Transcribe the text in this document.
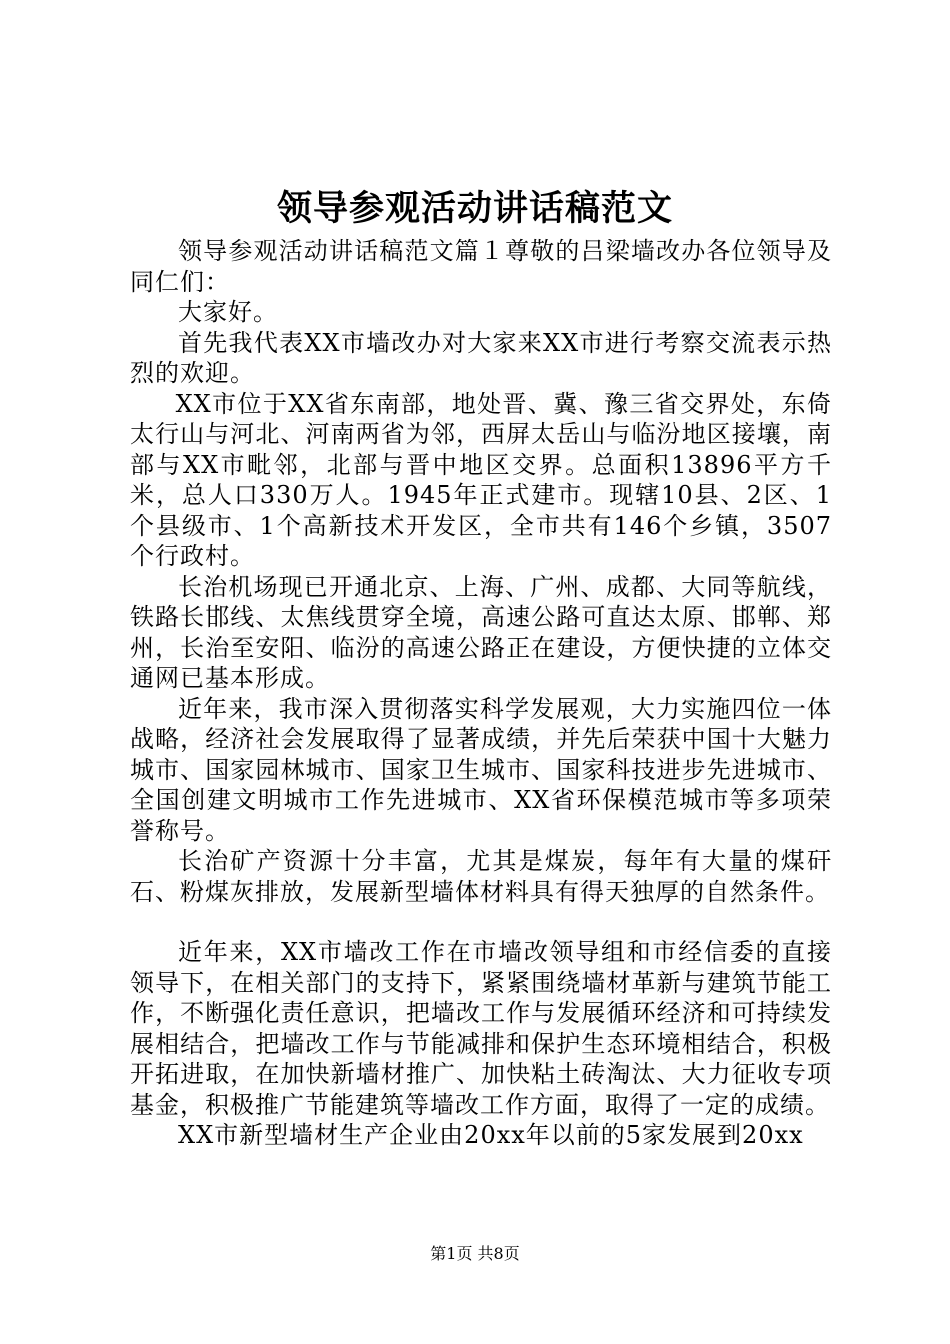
领导参观活动讲话稿范文

领导参观活动讲话稿范文篇１尊敬的吕梁墙改办各位领导及同仁们：

大家好。

首先我代表XX市墙改办对大家来XX市进行考察交流表示热烈的欢迎。

XX市位于XX省东南部，地处晋、冀、豫三省交界处，东倚太行山与河北、河南两省为邻，西屏太岳山与临汾地区接壤，南部与XX市毗邻，北部与晋中地区交界。总面积13896平方千米，总人口330万人。1945年正式建市。现辖10县、2区、1个县级市、1个高新技术开发区，全市共有146个乡镇，3507个行政村。

长治机场现已开通北京、上海、广州、成都、大同等航线，铁路长邯线、太焦线贯穿全境，高速公路可直达太原、邯郸、郑州，长治至安阳、临汾的高速公路正在建设，方便快捷的立体交通网已基本形成。

近年来，我市深入贯彻落实科学发展观，大力实施四位一体战略，经济社会发展取得了显著成绩，并先后荣获中国十大魅力城市、国家园林城市、国家卫生城市、国家科技进步先进城市、全国创建文明城市工作先进城市、XX省环保模范城市等多项荣誉称号。

长治矿产资源十分丰富，尤其是煤炭，每年有大量的煤矸石、粉煤灰排放，发展新型墙体材料具有得天独厚的自然条件。

近年来，XX市墙改工作在市墙改领导组和市经信委的直接领导下，在相关部门的支持下，紧紧围绕墙材革新与建筑节能工作，不断强化责任意识，把墙改工作与发展循环经济和可持续发展相结合，把墙改工作与节能减排和保护生态环境相结合，积极开拓进取，在加快新墙材推广、加快粘土砖淘汰、大力征收专项基金，积极推广节能建筑等墙改工作方面，取得了一定的成绩。

XX市新型墙材生产企业由20xx年以前的5家发展到20xx

第1页 共8页
